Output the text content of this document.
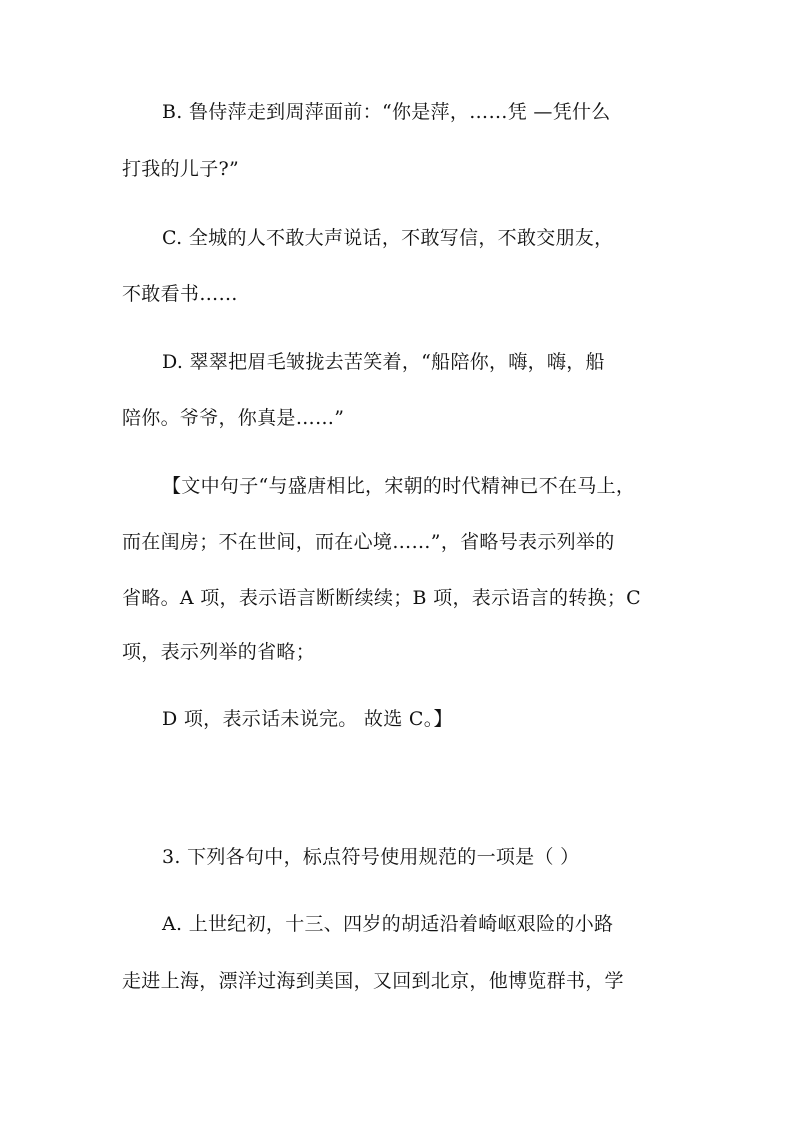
B. 鲁侍萍走到周萍面前：“你是萍，……凭 —凭什么
打我的儿子?”
C. 全城的人不敢大声说话，不敢写信，不敢交朋友，
不敢看书……
D. 翠翠把眉毛皱拢去苦笑着，“船陪你，嗨，嗨，船
陪你。爷爷，你真是……”
【文中句子“与盛唐相比，宋朝的时代精神已不在马上，
而在闺房；不在世间，而在心境……”，省略号表示列举的
省略。A 项，表示语言断断续续；B 项，表示语言的转换；C
项，表示列举的省略；
D 项，表示话未说完。 故选 C。】
3. 下列各句中，标点符号使用规范的一项是（ ）
A. 上世纪初，十三、四岁的胡适沿着崎岖艰险的小路
走进上海，漂洋过海到美国，又回到北京，他博览群书，学
